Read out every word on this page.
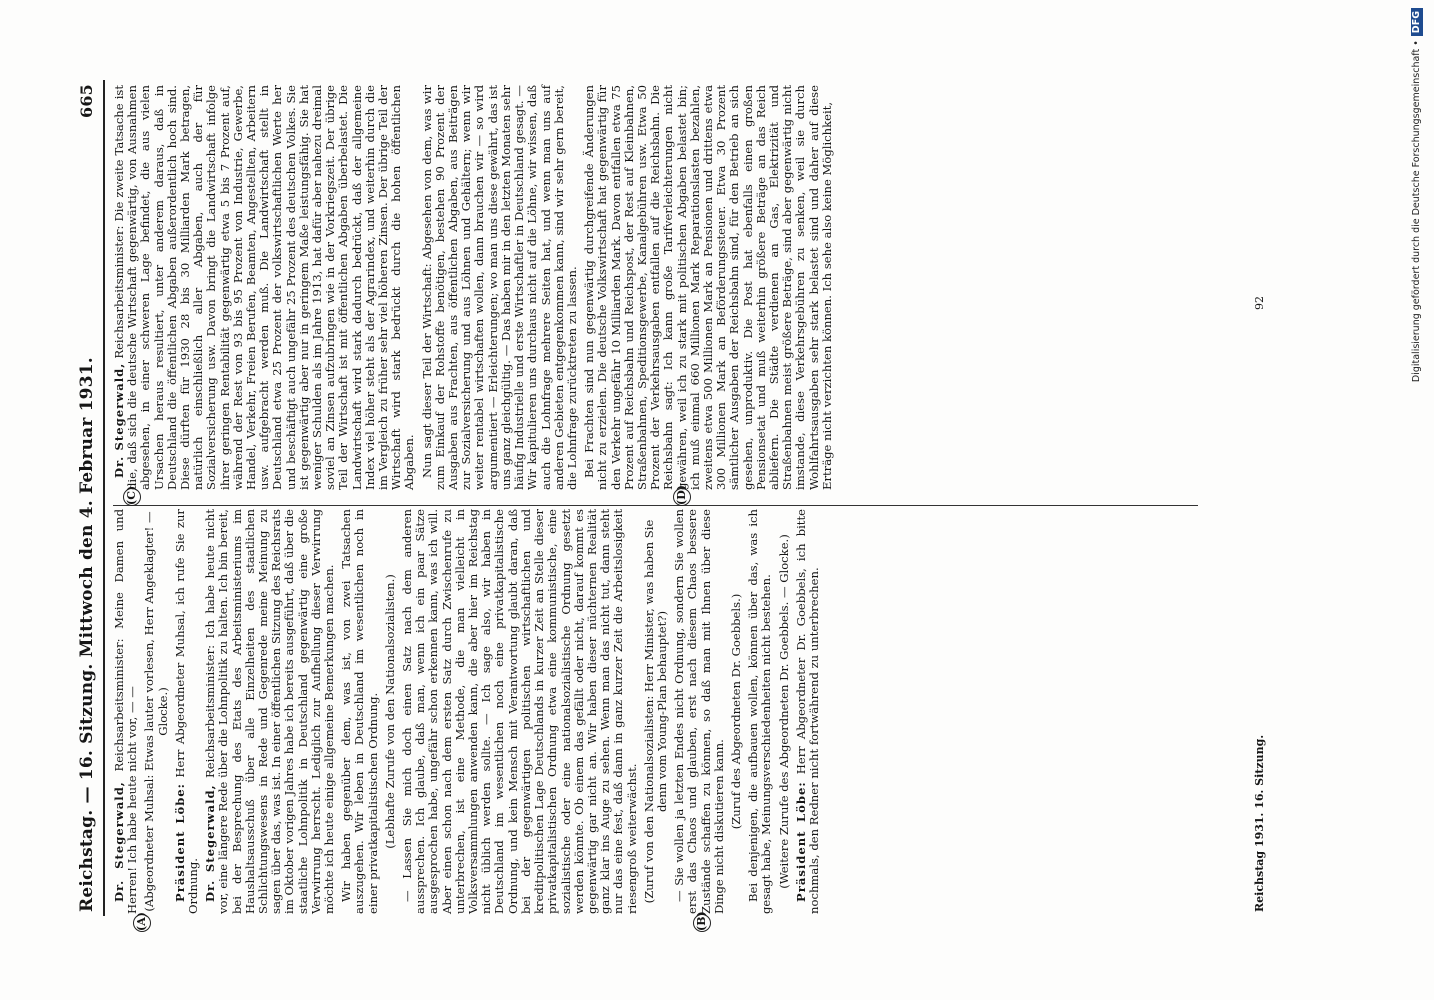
Reichstag. — 16. Sitzung. Mittwoch den 4. Februar 1931.
665

Dr. Stegerwald, Reichsarbeitsminister: Meine Damen und Herren! Ich habe heute nicht vor, — — (Abgeordneter Muhsal: Etwas lauter vorlesen, Herr Angeklagter! — Glocke.)

Präsident Löbe: Herr Abgeordneter Muhsal, ich rufe Sie zur Ordnung. Dr. Stegerwald, Reichsarbeitsminister: Ich habe heute nicht vor, eine längere Rede über die Lohnpolitik zu halten. Ich bin bereit, bei der Besprechung des Etats des Arbeitsministeriums im Haushaltsausschuß über alle Einzelheiten des staatlichen Schlichtungswesens in Rede und Gegenrede meine Meinung zu sagen über das, was ist. In einer öffentlichen Sitzung des Reichsrats im Oktober vorigen Jahres habe ich bereits ausgeführt, daß über die staatliche Lohnpolitik in Deutschland gegenwärtig eine große Verwirrung herrscht. Lediglich zur Aufhellung dieser Verwirrung möchte ich heute einige allgemeine Bemerkungen machen. Wir haben gegenüber dem, was ist, von zwei Tatsachen auszugehen. Wir leben in Deutschland im wesentlichen noch in einer privatkapitalistischen Ordnung. (Lebhafte Zurufe von den Nationalsozialisten.) — Lassen Sie mich doch einen Satz nach dem anderen aussprechen. Ich glaube, daß man, wenn ich ein paar Sätze ausgesprochen habe, ungefähr schon erkennen kann, was ich will. Aber einen schon nach dem ersten Satz durch Zwischenrufe zu unterbrechen, ist eine Methode, die man vielleicht in Volksversammlungen anwenden kann, die aber hier im Reichstag nicht üblich werden sollte. — Ich sage also, wir haben in Deutschland im wesentlichen noch eine privatkapitalistische Ordnung, und kein Mensch mit Verantwortung glaubt daran, daß bei der gegenwärtigen politischen wirtschaftlichen und kreditpolitischen Lage Deutschlands in kurzer Zeit an Stelle dieser privatkapitalistischen Ordnung etwa eine kommunistische, eine sozialistische oder eine nationalsozialistische Ordnung gesetzt werden könnte. Ob einem das gefällt oder nicht, darauf kommt es gegenwärtig gar nicht an. Wir haben dieser nüchternen Realität ganz klar ins Auge zu sehen. Wenn man das nicht tut, dann steht nur das eine fest, daß dann in ganz kurzer Zeit die Arbeitslosigkeit riesengroß weiterwächst. (Zuruf von den Nationalsozialisten: Herr Minister, was haben Sie denn vom Young-Plan behauptet?) — Sie wollen ja letzten Endes nicht Ordnung, sondern Sie wollen erst das Chaos und glauben, erst nach diesem Chaos bessere Zustände schaffen zu können, so daß man mit Ihnen über diese Dinge nicht diskutieren kann. (Zuruf des Abgeordneten Dr. Goebbels.) Bei denjenigen, die aufbauen wollen, können über das, was ich gesagt habe, Meinungsverschiedenheiten nicht bestehen. (Weitere Zurufe des Abgeordneten Dr. Goebbels. — Glocke.) Präsident Löbe: Herr Abgeordneter Dr. Goebbels, ich bitte nochmals, den Redner nicht fortwährend zu unterbrechen.

Dr. Stegerwald, Reichsarbeitsminister: Die zweite Tatsache ist die, daß sich die deutsche Wirtschaft gegenwärtig, von Ausnahmen abgesehen, in einer schweren Lage befindet, die aus vielen Ursachen heraus resultiert, unter anderem daraus, daß in Deutschland die öffentlichen Abgaben außerordentlich hoch sind. Diese dürften für 1930 28 bis 30 Milliarden Mark betragen, natürlich einschließlich aller Abgaben, auch der für Sozialversicherung usw. Davon bringt die Landwirtschaft infolge ihrer geringen Rentabilität gegenwärtig etwa 5 bis 7 Prozent auf, während der Rest von 93 bis 95 Prozent von Industrie, Gewerbe, Handel, Verkehr, Freien Berufen, Beamten, Angestellten, Arbeitern usw. aufgebracht werden muß. Die Landwirtschaft stellt in Deutschland etwa 25 Prozent der volkswirtschaftlichen Werte her und beschäftigt auch ungefähr 25 Prozent des deutschen Volkes. Sie ist gegenwärtig aber nur in geringem Maße leistungsfähig. Sie hat weniger Schulden als im Jahre 1913, hat dafür aber nahezu dreimal soviel an Zinsen aufzubringen wie in der Vorkriegszeit. Der übrige Teil der Wirtschaft ist mit öffentlichen Abgaben überbelastet. Die Landwirtschaft wird stark dadurch bedrückt, daß der allgemeine Index viel höher steht als der Agrarindex, und weiterhin durch die im Vergleich zu früher sehr viel höheren Zinsen. Der übrige Teil der Wirtschaft wird stark bedrückt durch die hohen öffentlichen Abgaben. Nun sagt dieser Teil der Wirtschaft: Abgesehen von dem, was wir zum Einkauf der Rohstoffe benötigen, bestehen 90 Prozent der Ausgaben aus Frachten, aus öffentlichen Abgaben, aus Beiträgen zur Sozialversicherung und aus Löhnen und Gehältern; wenn wir weiter rentabel wirtschaften wollen, dann brauchen wir — so wird argumentiert — Erleichterungen; wo man uns diese gewährt, das ist uns ganz gleichgültig. — Das haben mir in den letzten Monaten sehr häufig Industrielle und erste Wirtschaftler in Deutschland gesagt. — Wir kapitulieren uns durchaus nicht auf die Löhne, wir wissen, daß auch die Lohnfrage mehrere Seiten hat, und wenn man uns auf anderen Gebieten entgegenkommen kann, sind wir sehr gern bereit, die Lohnfrage zurücktreten zu lassen. Bei Frachten sind nun gegenwärtig durchgreifende Änderungen nicht zu erzielen. Die deutsche Volkswirtschaft hat gegenwärtig für den Verkehr ungefähr 10 Milliarden Mark. Davon entfallen etwa 75 Prozent auf Reichsbahn und Reichspost, der Rest auf Kleinbahnen, Straßenbahnen, Speditionsgewerbe, Kanalgebühren usw. Etwa 50 Prozent der Verkehrsausgaben entfallen auf die Reichsbahn. Die Reichsbahn sagt: Ich kann große Tarifverleichterungen nicht gewähren, weil ich zu stark mit politischen Abgaben belastet bin; ich muß einmal 660 Millionen Mark Reparationslasten bezahlen, zweitens etwa 500 Millionen Mark an Pensionen und drittens etwa 300 Millionen Mark an Beförderungssteuer. Etwa 30 Prozent sämtlicher Ausgaben der Reichsbahn sind, für den Betrieb an sich gesehen, unproduktiv. Die Post hat ebenfalls einen großen Pensionsetat und muß weiterhin größere Beträge an das Reich abliefern. Die Städte verdienen an Gas, Elektrizität und Straßenbahnen meist größere Beträge, sind aber gegenwärtig nicht imstande, diese Verkehrsgebühren zu senken, weil sie durch Wohlfahrtsausgaben sehr stark belastet sind und daher auf diese Erträge nicht verzichten können. Ich sehe also keine Möglichkeit,

(A)	(B)
(C)	(D)
Reichstag 1931. 16. Sitzung.
92	Digitalisierung gefördert durch die Deutsche Forschungsgemeinschaft •DFG
